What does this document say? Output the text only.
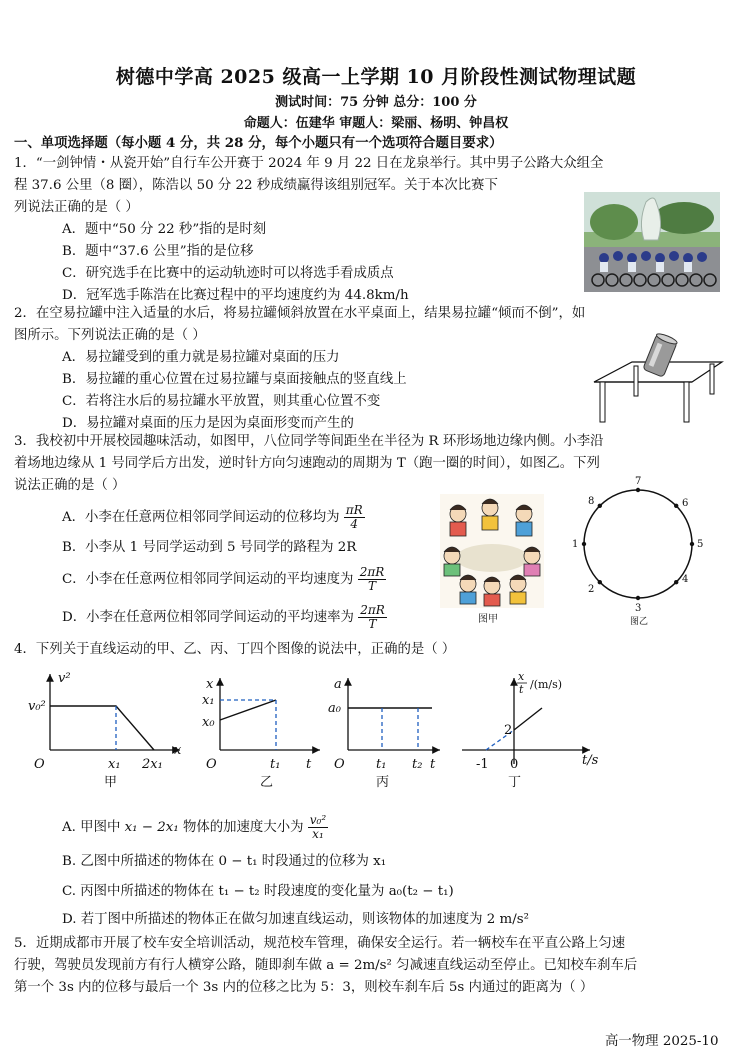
树德中学高 2025 级高一上学期 10 月阶段性测试物理试题
测试时间：75 分钟 总分：100 分
命题人：伍建华 审题人：梁丽、杨明、钟昌权
一、单项选择题（每小题 4 分，共 28 分，每个小题只有一个选项符合题目要求）
1．“一剑钟情・从瓷开始”自行车公开赛于 2024 年 9 月 22 日在龙泉举行。其中男子公路大众组全
程 37.6 公里（8 圈），陈浩以 50 分 22 秒成绩赢得该组别冠军。关于本次比赛下
列说法正确的是（ ）
A．题中“50 分 22 秒”指的是时刻
B．题中“37.6 公里”指的是位移
C．研究选手在比赛中的运动轨迹时可以将选手看成质点
D．冠军选手陈浩在比赛过程中的平均速度约为 44.8km/h
2．在空易拉罐中注入适量的水后，将易拉罐倾斜放置在水平桌面上，结果易拉罐“倾而不倒”，如
图所示。下列说法正确的是（ ）
A．易拉罐受到的重力就是易拉罐对桌面的压力
B．易拉罐的重心位置在过易拉罐与桌面接触点的竖直线上
C．若将注水后的易拉罐水平放置，则其重心位置不变
D．易拉罐对桌面的压力是因为桌面形变而产生的
3．我校初中开展校园趣味活动，如图甲，八位同学等间距坐在半径为 R 环形场地边缘内侧。小李沿
着场地边缘从 1 号同学后方出发，逆时针方向匀速跑动的周期为 T（跑一圈的时间），如图乙。下列
说法正确的是（ ）
A．小李在任意两位相邻同学间运动的位移均为 $\frac{\pi R}{4}$
B．小李从 1 号同学运动到 5 号同学的路程为 2R
C．小李在任意两位相邻同学间运动的平均速度为 $\frac{2\pi R}{T}$
D．小李在任意两位相邻同学间运动的平均速率为 $\frac{2\pi R}{T}$	图甲
1
2
3
4
5
6
7
8
图乙
4．下列关于直线运动的甲、乙、丙、丁四个图像的说法中，正确的是（ ）
v²
v₀²
x₁ 2x₁
x
O
甲
x
x₁
x₀
t₁ t
O
乙
a
a₀
t₁ t₂ t
O
丙
x
t /(m/s)
2
-1 0	t/s
丁
A. 甲图中 x₁ − 2x₁ 物体的加速度大小为 $\frac{\text{v₀²}}{\text{x₁}}$
B. 乙图中所描述的物体在 0 − t₁ 时段通过的位移为 x₁
C. 丙图中所描述的物体在 t₁ − t₂ 时段速度的变化量为 a₀(t₂ − t₁)
D. 若丁图中所描述的物体正在做匀加速直线运动，则该物体的加速度为 2 m/s²
5．近期成都市开展了校车安全培训活动，规范校车管理，确保安全运行。若一辆校车在平直公路上匀速
行驶，驾驶员发现前方有行人横穿公路，随即刹车做 a = 2m/s² 匀减速直线运动至停止。已知校车刹车后
第一个 3s 内的位移与最后一个 3s 内的位移之比为 5：3，则校车刹车后 5s 内通过的距离为（ ）
高一物理 2025-10
